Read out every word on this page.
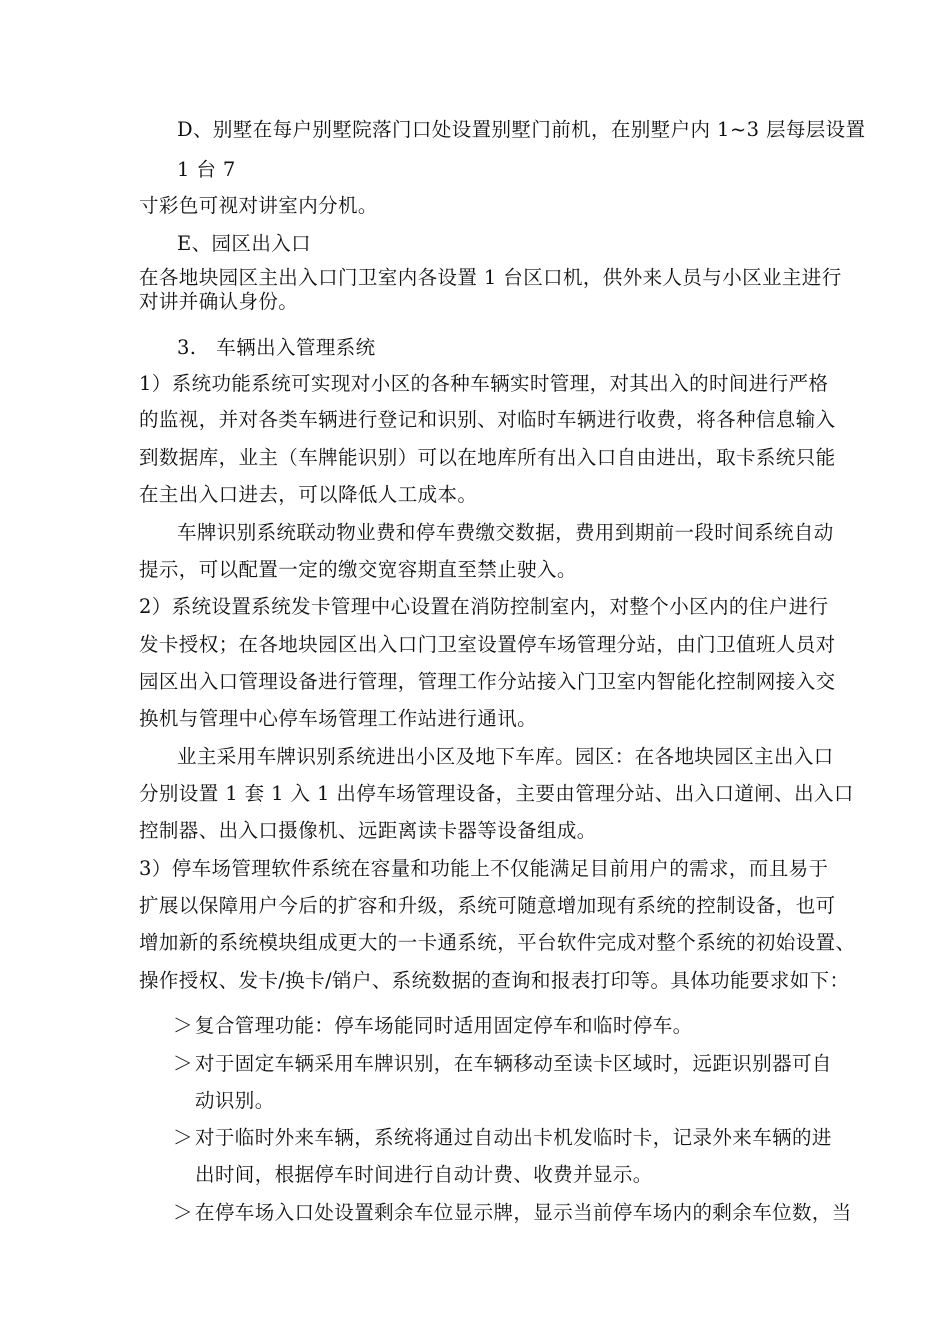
D、别墅在每户别墅院落门口处设置别墅门前机，在别墅户内 1~3 层每层设置
1 台 7
寸彩色可视对讲室内分机。
E、园区出入口
在各地块园区主出入口门卫室内各设置 1 台区口机，供外来人员与小区业主进行
对讲并确认身份。
3.　车辆出入管理系统
1）系统功能系统可实现对小区的各种车辆实时管理，对其出入的时间进行严格
的监视，并对各类车辆进行登记和识别、对临时车辆进行收费，将各种信息输入
到数据库，业主（车牌能识别）可以在地库所有出入口自由进出，取卡系统只能
在主出入口进去，可以降低人工成本。
车牌识别系统联动物业费和停车费缴交数据，费用到期前一段时间系统自动
提示，可以配置一定的缴交宽容期直至禁止驶入。
2）系统设置系统发卡管理中心设置在消防控制室内，对整个小区内的住户进行
发卡授权；在各地块园区出入口门卫室设置停车场管理分站，由门卫值班人员对
园区出入口管理设备进行管理，管理工作分站接入门卫室内智能化控制网接入交
换机与管理中心停车场管理工作站进行通讯。
业主采用车牌识别系统进出小区及地下车库。园区：在各地块园区主出入口
分别设置 1 套 1 入 1 出停车场管理设备，主要由管理分站、出入口道闸、出入口
控制器、出入口摄像机、远距离读卡器等设备组成。
3）停车场管理软件系统在容量和功能上不仅能满足目前用户的需求，而且易于
扩展以保障用户今后的扩容和升级，系统可随意增加现有系统的控制设备，也可
增加新的系统模块组成更大的一卡通系统，平台软件完成对整个系统的初始设置、
操作授权、发卡/换卡/销户、系统数据的查询和报表打印等。具体功能要求如下：
＞ 复合管理功能：停车场能同时适用固定停车和临时停车。
＞ 对于固定车辆采用车牌识别，在车辆移动至读卡区域时，远距识别器可自
动识别。
＞ 对于临时外来车辆，系统将通过自动出卡机发临时卡，记录外来车辆的进
出时间，根据停车时间进行自动计费、收费并显示。
＞ 在停车场入口处设置剩余车位显示牌，显示当前停车场内的剩余车位数，当
